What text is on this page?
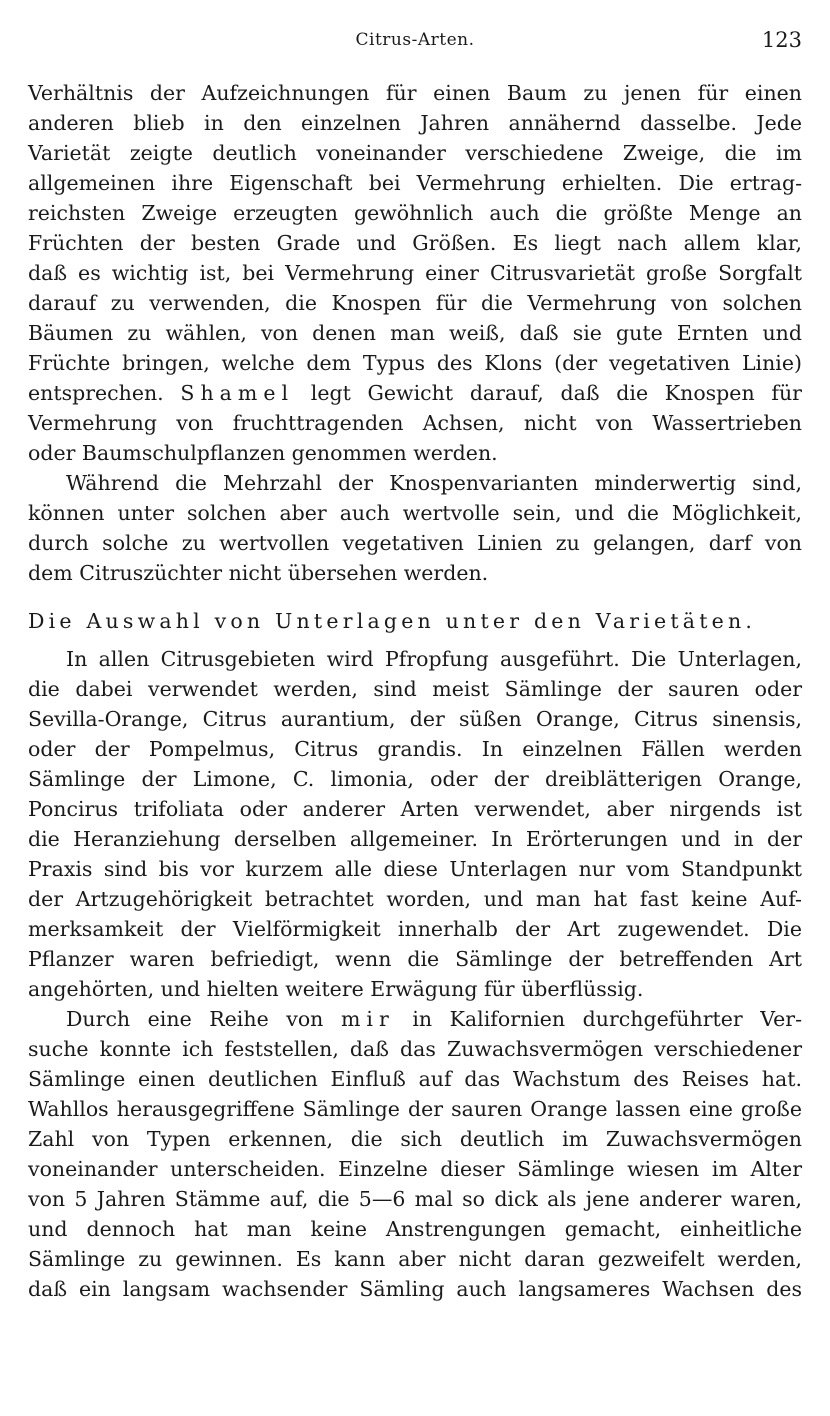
Citrus-Arten.	123
Verhältnis der Aufzeichnungen für einen Baum zu jenen für einen
anderen blieb in den einzelnen Jahren annähernd dasselbe. Jede
Varietät zeigte deutlich voneinander verschiedene Zweige, die im
allgemeinen ihre Eigenschaft bei Vermehrung erhielten. Die ertrag-
reichsten Zweige erzeugten gewöhnlich auch die größte Menge an
Früchten der besten Grade und Größen. Es liegt nach allem klar,
daß es wichtig ist, bei Vermehrung einer Citrusvarietät große Sorgfalt
darauf zu verwenden, die Knospen für die Vermehrung von solchen
Bäumen zu wählen, von denen man weiß, daß sie gute Ernten und
Früchte bringen, welche dem Typus des Klons (der vegetativen Linie)
entsprechen. Shamel legt Gewicht darauf, daß die Knospen für
Vermehrung von fruchttragenden Achsen, nicht von Wassertrieben
oder Baumschulpflanzen genommen werden.
Während die Mehrzahl der Knospenvarianten minderwertig sind,
können unter solchen aber auch wertvolle sein, und die Möglichkeit,
durch solche zu wertvollen vegetativen Linien zu gelangen, darf von
dem Citruszüchter nicht übersehen werden.
Die Auswahl von Unterlagen unter den Varietäten.
In allen Citrusgebieten wird Pfropfung ausgeführt. Die Unterlagen,
die dabei verwendet werden, sind meist Sämlinge der sauren oder
Sevilla-Orange, Citrus aurantium, der süßen Orange, Citrus sinensis,
oder der Pompelmus, Citrus grandis. In einzelnen Fällen werden
Sämlinge der Limone, C. limonia, oder der dreiblätterigen Orange,
Poncirus trifoliata oder anderer Arten verwendet, aber nirgends ist
die Heranziehung derselben allgemeiner. In Erörterungen und in der
Praxis sind bis vor kurzem alle diese Unterlagen nur vom Standpunkt
der Artzugehörigkeit betrachtet worden, und man hat fast keine Auf-
merksamkeit der Vielförmigkeit innerhalb der Art zugewendet. Die
Pflanzer waren befriedigt, wenn die Sämlinge der betreffenden Art
angehörten, und hielten weitere Erwägung für überflüssig.
Durch eine Reihe von mir in Kalifornien durchgeführter Ver-
suche konnte ich feststellen, daß das Zuwachsvermögen verschiedener
Sämlinge einen deutlichen Einfluß auf das Wachstum des Reises hat.
Wahllos herausgegriffene Sämlinge der sauren Orange lassen eine große
Zahl von Typen erkennen, die sich deutlich im Zuwachsvermögen
voneinander unterscheiden. Einzelne dieser Sämlinge wiesen im Alter
von 5 Jahren Stämme auf, die 5—6 mal so dick als jene anderer waren,
und dennoch hat man keine Anstrengungen gemacht, einheitliche
Sämlinge zu gewinnen. Es kann aber nicht daran gezweifelt werden,
daß ein langsam wachsender Sämling auch langsameres Wachsen des
